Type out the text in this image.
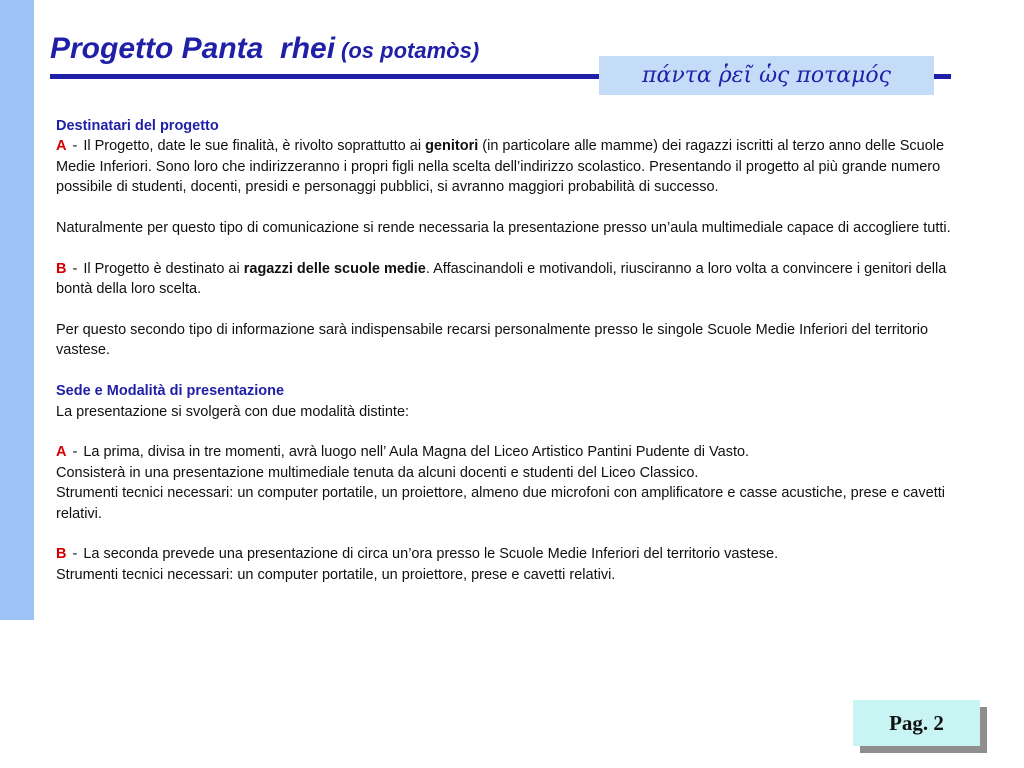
Progetto Panta  rhei (os potamòs)
πάντα ῥεῖ ὡς ποταμός

Destinatari del progetto

A - Il Progetto, date le sue finalità, è rivolto soprattutto ai genitori (in particolare alle mamme) dei ragazzi iscritti al terzo anno delle Scuole Medie Inferiori. Sono loro che indirizzeranno i propri figli nella scelta dell’indirizzo scolastico. Presentando il progetto al più grande numero possibile di studenti, docenti, presidi e personaggi pubblici, si avranno maggiori probabilità di successo.

Naturalmente per questo tipo di comunicazione si rende necessaria la presentazione presso un’aula multimediale capace di accogliere tutti.

B - Il Progetto è destinato ai ragazzi delle scuole medie. Affascinandoli e motivandoli, riusciranno a loro volta a convincere i genitori della bontà della loro scelta.

Per questo secondo tipo di informazione sarà indispensabile recarsi personalmente presso le singole Scuole Medie Inferiori del territorio vastese.

Sede e Modalità di presentazione

La presentazione si svolgerà con due modalità distinte:

A - La prima, divisa in tre momenti, avrà luogo nell’ Aula Magna del Liceo Artistico Pantini Pudente di Vasto.

Consisterà in una presentazione multimediale tenuta da alcuni docenti e studenti del Liceo Classico.

Strumenti tecnici necessari: un computer portatile, un proiettore, almeno due microfoni con amplificatore e casse acustiche, prese e cavetti relativi.

B - La seconda prevede una presentazione di circa un’ora presso le Scuole Medie Inferiori del territorio vastese.

Strumenti tecnici necessari: un computer portatile, un proiettore, prese e cavetti relativi.

Pag. 2
